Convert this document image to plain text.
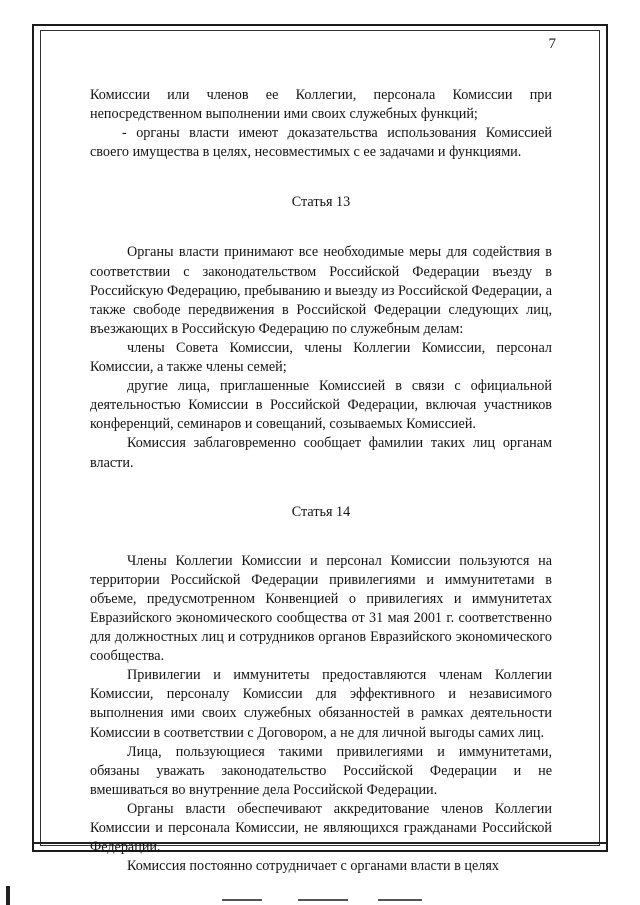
7

Комиссии или членов ее Коллегии, персонала Комиссии при непосредственном выполнении ими своих служебных функций;

- органы власти имеют доказательства использования Комиссией своего имущества в целях, несовместимых с ее задачами и функциями.

Статья 13

Органы власти принимают все необходимые меры для содействия в соответствии с законодательством Российской Федерации въезду в Российскую Федерацию, пребыванию и выезду из Российской Федерации, а также свободе передвижения в Российской Федерации следующих лиц, въезжающих в Российскую Федерацию по служебным делам:

члены Совета Комиссии, члены Коллегии Комиссии, персонал Комиссии, а также члены семей;

другие лица, приглашенные Комиссией в связи с официальной деятельностью Комиссии в Российской Федерации, включая участников конференций, семинаров и совещаний, созываемых Комиссией.

Комиссия заблаговременно сообщает фамилии таких лиц органам власти.

Статья 14

Члены Коллегии Комиссии и персонал Комиссии пользуются на территории Российской Федерации привилегиями и иммунитетами в объеме, предусмотренном Конвенцией о привилегиях и иммунитетах Евразийского экономического сообщества от 31 мая 2001 г. соответственно для должностных лиц и сотрудников органов Евразийского экономического сообщества.

Привилегии и иммунитеты предоставляются членам Коллегии Комиссии, персоналу Комиссии для эффективного и независимого выполнения ими своих служебных обязанностей в рамках деятельности Комиссии в соответствии с Договором, а не для личной выгоды самих лиц.

Лица, пользующиеся такими привилегиями и иммунитетами, обязаны уважать законодательство Российской Федерации и не вмешиваться во внутренние дела Российской Федерации.

Органы власти обеспечивают аккредитование членов Коллегии Комиссии и персонала Комиссии, не являющихся гражданами Российской Федерации.

Комиссия постоянно сотрудничает с органами власти в целях
